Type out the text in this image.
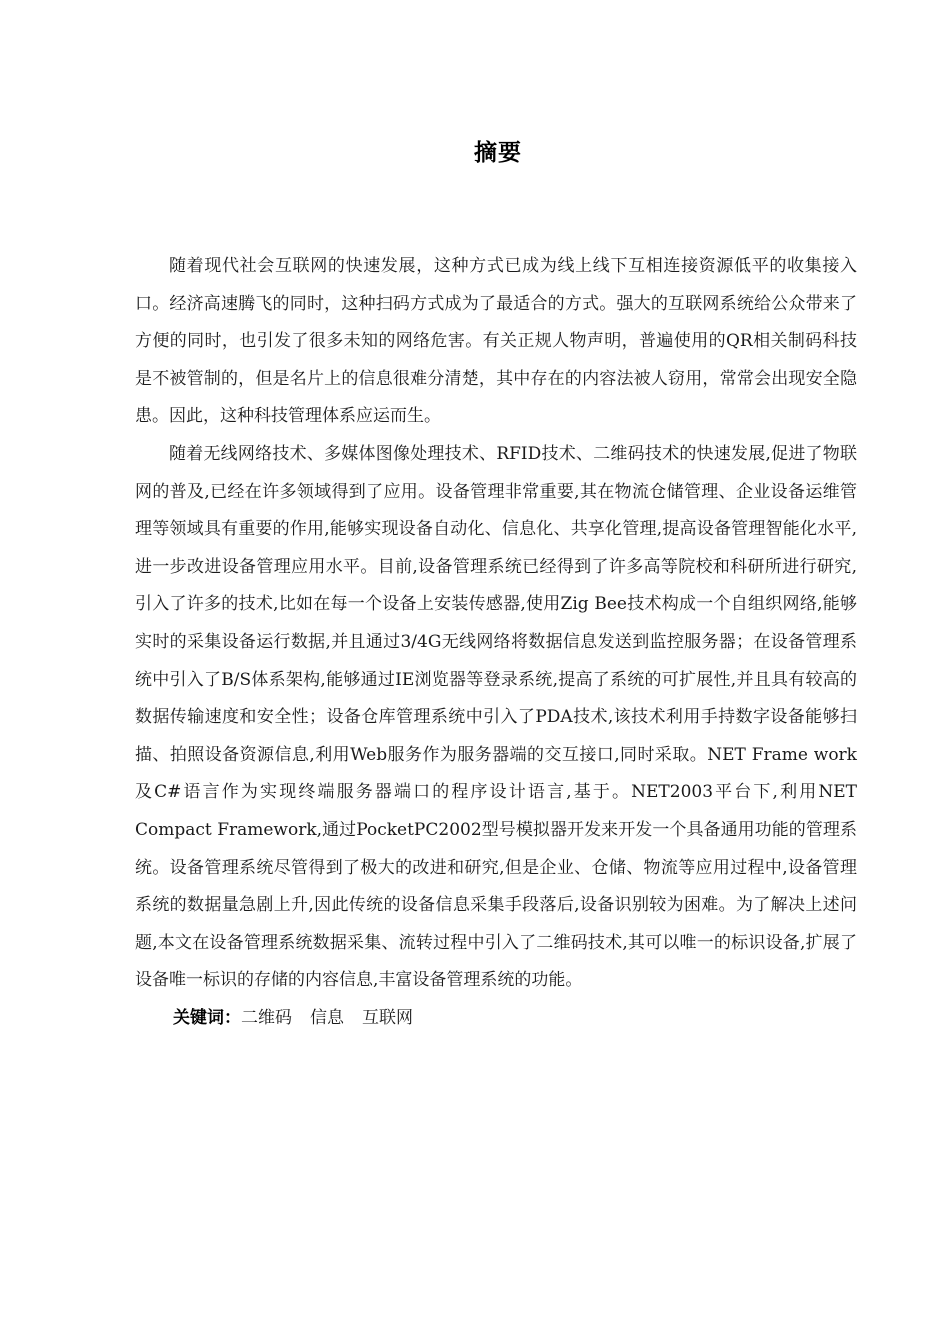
摘要

随着现代社会互联网的快速发展，这种方式已成为线上线下互相连接资源低平的收集接入口。经济高速腾飞的同时，这种扫码方式成为了最适合的方式。强大的互联网系统给公众带来了方便的同时，也引发了很多未知的网络危害。有关正规人物声明，普遍使用的QR相关制码科技是不被管制的，但是名片上的信息很难分清楚，其中存在的内容法被人窃用，常常会出现安全隐患。因此，这种科技管理体系应运而生。

随着无线网络技术、多媒体图像处理技术、RFID技术、二维码技术的快速发展,促进了物联网的普及,已经在许多领域得到了应用。设备管理非常重要,其在物流仓储管理、企业设备运维管理等领域具有重要的作用,能够实现设备自动化、信息化、共享化管理,提高设备管理智能化水平,进一步改进设备管理应用水平。目前,设备管理系统已经得到了许多高等院校和科研所进行研究,引入了许多的技术,比如在每一个设备上安装传感器,使用Zig Bee技术构成一个自组织网络,能够实时的采集设备运行数据,并且通过3/4G无线网络将数据信息发送到监控服务器；在设备管理系统中引入了B/S体系架构,能够通过IE浏览器等登录系统,提高了系统的可扩展性,并且具有较高的数据传输速度和安全性；设备仓库管理系统中引入了PDA技术,该技术利用手持数字设备能够扫描、拍照设备资源信息,利用Web服务作为服务器端的交互接口,同时采取。NET Frame work及C#语言作为实现终端服务器端口的程序设计语言,基于。NET2003平台下,利用NET Compact Framework,通过PocketPC2002型号模拟器开发来开发一个具备通用功能的管理系统。设备管理系统尽管得到了极大的改进和研究,但是企业、仓储、物流等应用过程中,设备管理系统的数据量急剧上升,因此传统的设备信息采集手段落后,设备识别较为困难。为了解决上述问题,本文在设备管理系统数据采集、流转过程中引入了二维码技术,其可以唯一的标识设备,扩展了设备唯一标识的存储的内容信息,丰富设备管理系统的功能。

关键词：二维码 信息 互联网
